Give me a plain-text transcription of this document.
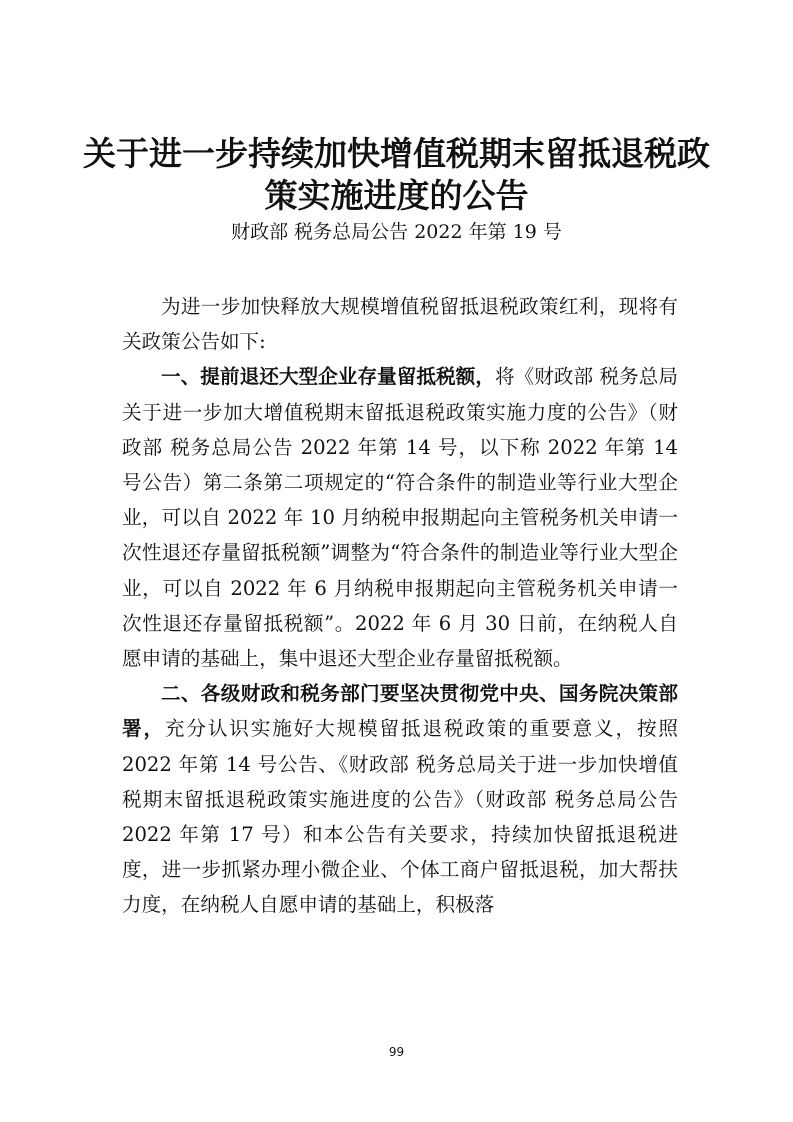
关于进一步持续加快增值税期末留抵退税政策实施进度的公告
财政部 税务总局公告 2022 年第 19 号

为进一步加快释放大规模增值税留抵退税政策红利，现将有关政策公告如下:

一、提前退还大型企业存量留抵税额，将《财政部 税务总局关于进一步加大增值税期末留抵退税政策实施力度的公告》（财政部 税务总局公告 2022 年第 14 号，以下称 2022 年第 14 号公告）第二条第二项规定的“符合条件的制造业等行业大型企业，可以自 2022 年 10 月纳税申报期起向主管税务机关申请一次性退还存量留抵税额”调整为“符合条件的制造业等行业大型企业，可以自 2022 年 6 月纳税申报期起向主管税务机关申请一次性退还存量留抵税额”。2022 年 6 月 30 日前，在纳税人自愿申请的基础上，集中退还大型企业存量留抵税额。

二、各级财政和税务部门要坚决贯彻党中央、国务院决策部署，充分认识实施好大规模留抵退税政策的重要意义，按照 2022 年第 14 号公告、《财政部 税务总局关于进一步加快增值税期末留抵退税政策实施进度的公告》（财政部 税务总局公告 2022 年第 17 号）和本公告有关要求，持续加快留抵退税进度，进一步抓紧办理小微企业、个体工商户留抵退税，加大帮扶力度，在纳税人自愿申请的基础上，积极落

99
